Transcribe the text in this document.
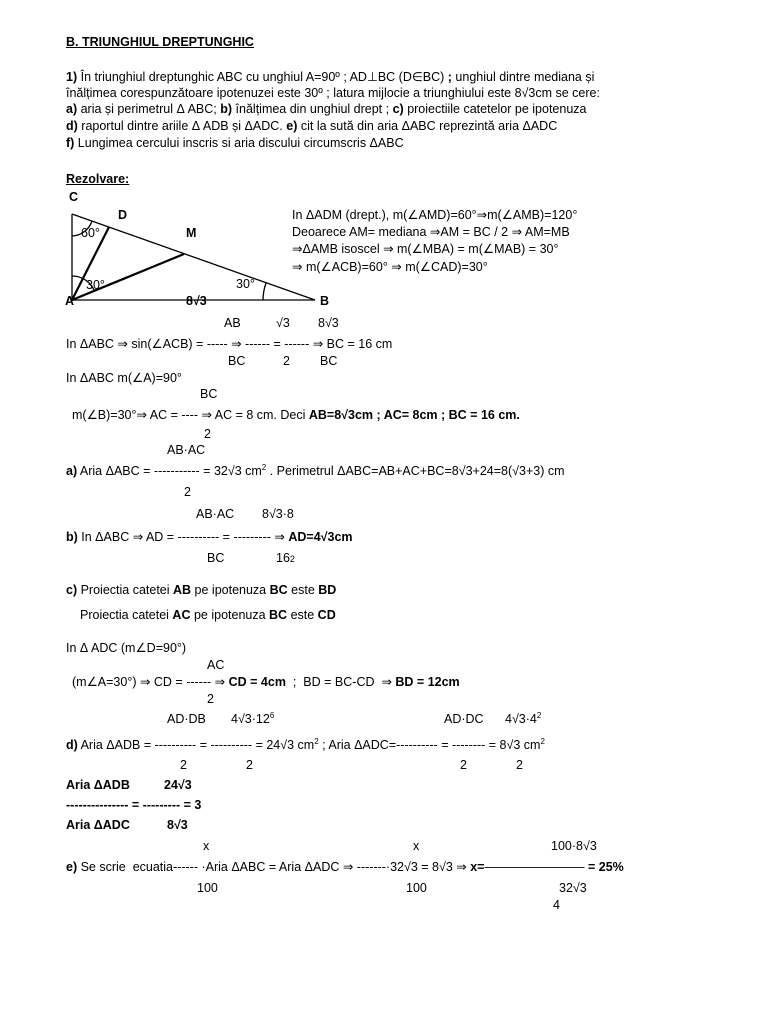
B. TRIUNGHIUL DREPTUNGHIC
1) În triunghiul dreptunghic ABC cu unghiul A=90º ; AD⊥BC (D∈BC) ; unghiul dintre mediana și
înălțimea corespunzătoare ipotenuzei este 30º ; latura mijlocie a triunghiului este 8√3cm se cere:
a) aria și perimetrul Δ ABC; b) înălțimea din unghiul drept ; c) proiectiile catetelor pe ipotenuza
d) raportul dintre ariile Δ ADB și ΔADC. e) cit la sută din aria ΔABC reprezintă aria ΔADC
f) Lungimea cercului inscris si aria discului circumscris ΔABC
Rezolvare:
C
D
M
A	B
60°
30°	30°
8√3
In ΔADM (drept.), m(∠AMD)=60°⇒m(∠AMB)=120°
Deoarece AM= mediana ⇒AM = BC / 2 ⇒ AM=MB
⇒ΔAMB isoscel ⇒ m(∠MBA) = m(∠MAB) = 30°
⇒ m(∠ACB)=60° ⇒ m(∠CAD)=30°
AB	√3 8√3
In ΔABC ⇒ sin(∠ACB) = ----- ⇒ ------ = ------ ⇒ BC = 16 cm
BC	2 BC
In ΔABC m(∠A)=90°
BC
m(∠B)=30°⇒ AC = ---- ⇒ AC = 8 cm. Deci AB=8√3cm ; AC= 8cm ; BC = 16 cm.
2
AB·AC
a) Aria ΔABC = ----------- = 32√3 $cm^2$ . Perimetrul ΔABC=AB+AC+BC=8√3+24=8(√3+3) cm
2
AB·AC 8√3·8
b) In ΔABC ⇒ AD = ---------- = --------- ⇒ AD=4√3cm
BC	162
c) Proiectia catetei AB pe ipotenuza BC este BD
Proiectia catetei AC pe ipotenuza BC este CD
In Δ ADC (m∠D=90°)
AC
(m∠A=30°) ⇒ CD = ------ ⇒ CD = 4cm  ;  BD = BC-CD  ⇒ BD = 12cm
2
AD·DB $4√3\cdot 12^6$	AD·DC $4√3\cdot 4^2$
d) Aria ΔADB = ---------- = ---------- = 24√3 $cm^2$ ; Aria ΔADC=---------- = -------- = 8√3 $cm^2$
2	2	2	2
Aria ΔADB	24√3
--------------- = --------- = 3
Aria ΔADC	8√3
x	x	100·8√3
e) Se scrie  ecuatia------ ·Aria ΔABC = Aria ΔADC ⇒ -------·32√3 = 8√3 ⇒ x=———————— = 25%
100	100	32√3
4
